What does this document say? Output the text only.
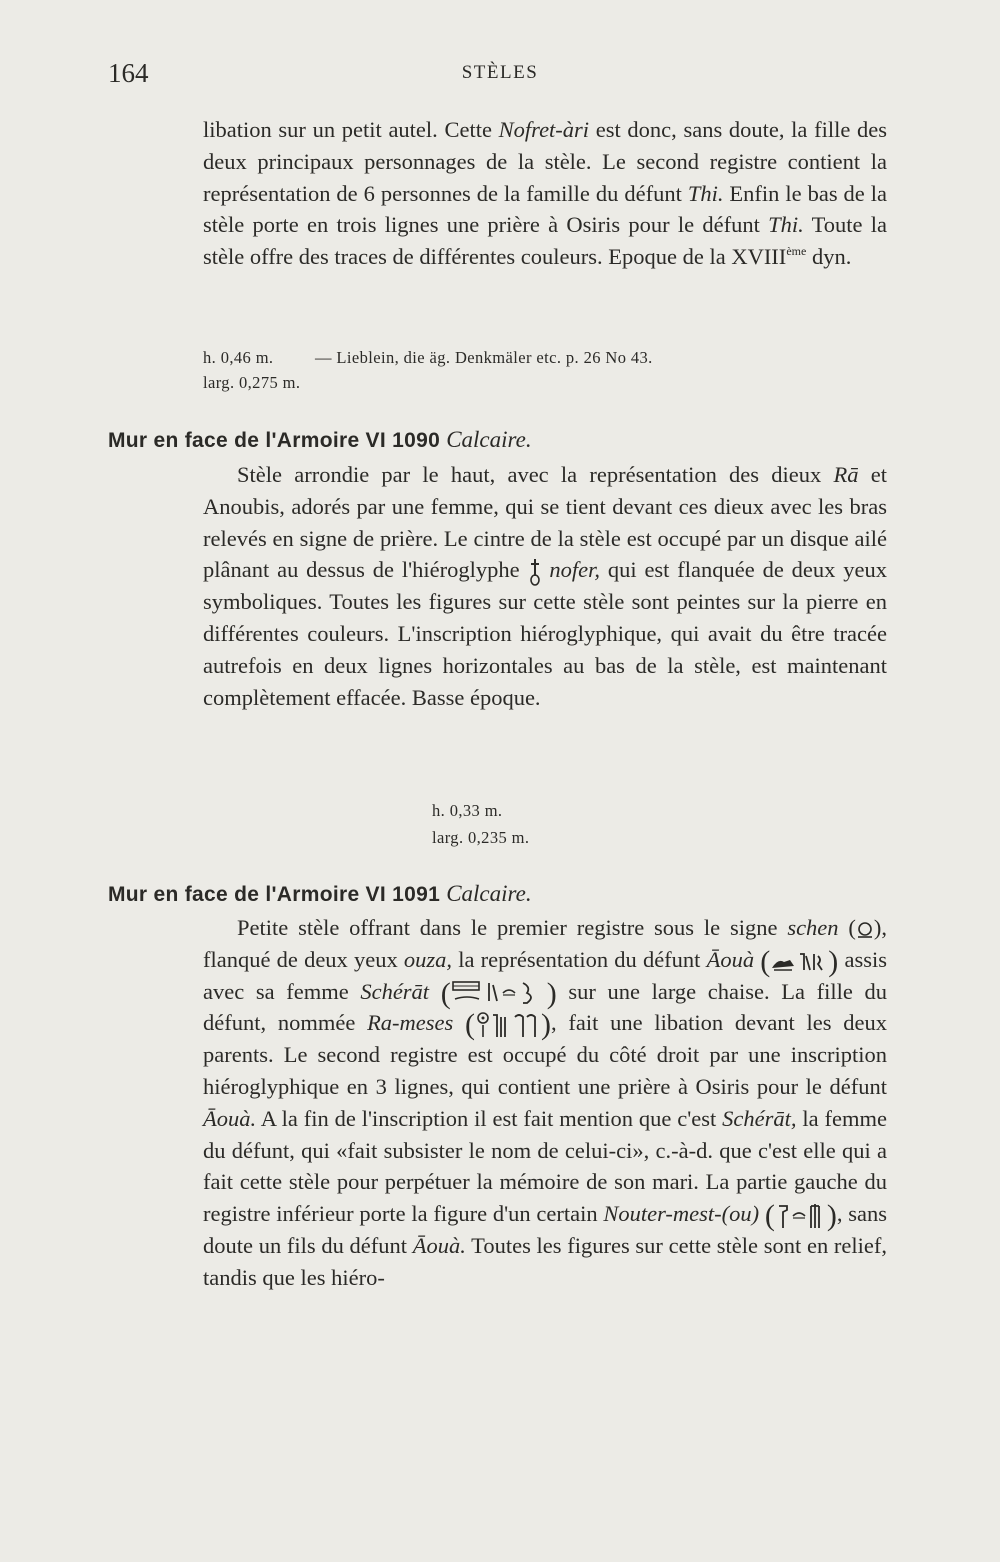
164	STÈLES

libation sur un petit autel. Cette Nofret-àri est donc, sans doute, la fille des deux principaux personnages de la stèle. Le second registre contient la représentation de 6 personnes de la famille du défunt Thi. Enfin le bas de la stèle porte en trois lignes une prière à Osiris pour le défunt Thi. Toute la stèle offre des traces de différentes couleurs. Epoque de la XVIIIème dyn.

h. 0,46 m.	— Lieblein, die äg. Denkmäler etc. p. 26 No 43.
larg. 0,275 m.
Mur en face de l'Armoire VI 1090 Calcaire.

Stèle arrondie par le haut, avec la représentation des dieux Rā et Anoubis, adorés par une femme, qui se tient devant ces dieux avec les bras relevés en signe de prière. Le cintre de la stèle est occupé par un disque ailé plânant au dessus de l'hiéroglyphe  nofer, qui est flanquée de deux yeux symboliques. Toutes les figures sur cette stèle sont peintes sur la pierre en différentes couleurs. L'inscription hiéroglyphique, qui avait du être tracée autrefois en deux lignes horizontales au bas de la stèle, est maintenant complètement effacée. Basse époque.

h. 0,33 m.
larg. 0,235 m.
Mur en face de l'Armoire VI 1091 Calcaire.

Petite stèle offrant dans le premier registre sous le signe schen ( ), flanqué de deux yeux ouza, la représentation du défunt Āouà ( ) assis avec sa femme Schérāt (	) sur une large chaise. La fille du défunt, nommée Ra-meses ( ), fait une libation devant les deux parents. Le second registre est occupé du côté droit par une inscription hiéroglyphique en 3 lignes, qui contient une prière à Osiris pour le défunt Āouà. A la fin de l'inscription il est fait mention que c'est Schérāt, la femme du défunt, qui «fait subsister le nom de celui-ci», c.-à-d. que c'est elle qui a fait cette stèle pour perpétuer la mémoire de son mari. La partie gauche du registre inférieur porte la figure d'un certain Nouter-mest-(ou) ( ), sans doute un fils du défunt Āouà. Toutes les figures sur cette stèle sont en relief, tandis que les hiéro-
